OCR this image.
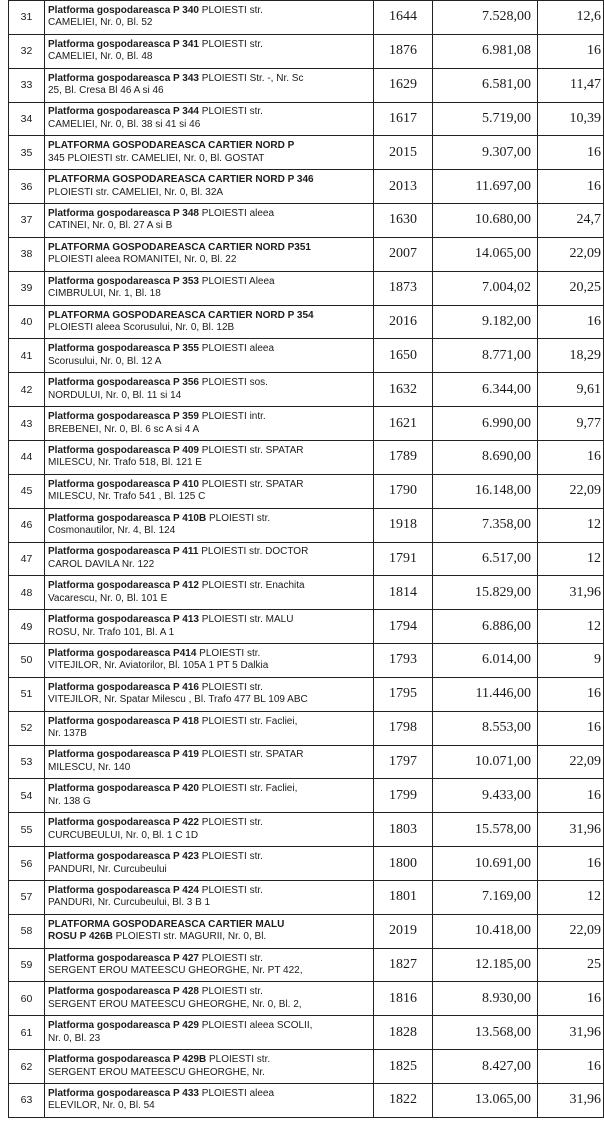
31	Platforma gospodareasca P 340 PLOIESTI str.
CAMELIEI, Nr. 0, Bl. 52	1644	7.528,00	12,6
32	Platforma gospodareasca P 341 PLOIESTI str.
CAMELIEI, Nr. 0, Bl. 48	1876	6.981,08	16
33	Platforma gospodareasca P 343 PLOIESTI Str. -, Nr. Sc
25, Bl. Cresa Bl 46 A si 46	1629	6.581,00	11,47
34	Platforma gospodareasca P 344 PLOIESTI str.
CAMELIEI, Nr. 0, Bl. 38 si 41 si 46	1617	5.719,00	10,39
35	PLATFORMA GOSPODAREASCA CARTIER NORD P
345 PLOIESTI str. CAMELIEI, Nr. 0, Bl. GOSTAT	2015	9.307,00	16
36	PLATFORMA GOSPODAREASCA CARTIER NORD P 346
PLOIESTI str. CAMELIEI, Nr. 0, Bl. 32A	2013	11.697,00	16
37	Platforma gospodareasca P 348 PLOIESTI aleea
CATINEI, Nr. 0, Bl. 27 A si B	1630	10.680,00	24,7
38	PLATFORMA GOSPODAREASCA CARTIER NORD P351
PLOIESTI aleea ROMANITEI, Nr. 0, Bl. 22	2007	14.065,00	22,09
39	Platforma gospodareasca P 353 PLOIESTI Aleea
CIMBRULUI, Nr. 1, Bl. 18	1873	7.004,02	20,25
40	PLATFORMA GOSPODAREASCA CARTIER NORD P 354
PLOIESTI aleea Scorusului, Nr. 0, Bl. 12B	2016	9.182,00	16
41	Platforma gospodareasca P 355 PLOIESTI aleea
Scorusului, Nr. 0, Bl. 12 A	1650	8.771,00	18,29
42	Platforma gospodareasca P 356 PLOIESTI sos.
NORDULUI, Nr. 0, Bl. 11 si 14	1632	6.344,00	9,61
43	Platforma gospodareasca P 359 PLOIESTI intr.
BREBENEI, Nr. 0, Bl. 6 sc A si 4 A	1621	6.990,00	9,77
44	Platforma gospodareasca P 409 PLOIESTI str. SPATAR
MILESCU, Nr. Trafo 518, Bl. 121 E	1789	8.690,00	16
45	Platforma gospodareasca P 410 PLOIESTI str. SPATAR
MILESCU, Nr. Trafo 541 , Bl. 125 C	1790	16.148,00	22,09
46	Platforma gospodareasca P 410B PLOIESTI str.
Cosmonautilor, Nr. 4, Bl. 124	1918	7.358,00	12
47	Platforma gospodareasca P 411 PLOIESTI str. DOCTOR
CAROL DAVILA Nr. 122	1791	6.517,00	12
48	Platforma gospodareasca P 412 PLOIESTI str. Enachita
Vacarescu, Nr. 0, Bl. 101 E	1814	15.829,00	31,96
49	Platforma gospodareasca P 413 PLOIESTI str. MALU
ROSU, Nr. Trafo 101, Bl. A 1	1794	6.886,00	12
50	Platforma gospodareasca P414 PLOIESTI str.
VITEJILOR, Nr. Aviatorilor, Bl. 105A 1 PT 5 Dalkia	1793	6.014,00	9
51	Platforma gospodareasca P 416 PLOIESTI str.
VITEJILOR, Nr. Spatar Milescu , Bl. Trafo 477 BL 109 ABC	1795	11.446,00	16
52	Platforma gospodareasca P 418 PLOIESTI str. Facliei,
Nr. 137B	1798	8.553,00	16
53	Platforma gospodareasca P 419 PLOIESTI str. SPATAR
MILESCU, Nr. 140	1797	10.071,00	22,09
54	Platforma gospodareasca P 420 PLOIESTI str. Facliei,
Nr. 138 G	1799	9.433,00	16
55	Platforma gospodareasca P 422 PLOIESTI str.
CURCUBEULUI, Nr. 0, Bl. 1 C 1D	1803	15.578,00	31,96
56	Platforma gospodareasca P 423 PLOIESTI str.
PANDURI, Nr. Curcubeului	1800	10.691,00	16
57	Platforma gospodareasca P 424 PLOIESTI str.
PANDURI, Nr. Curcubeului, Bl. 3 B 1	1801	7.169,00	12
58	PLATFORMA GOSPODAREASCA CARTIER MALU
ROSU P 426B PLOIESTI str. MAGURII, Nr. 0, Bl.	2019	10.418,00	22,09
59	Platforma gospodareasca P 427 PLOIESTI str.
SERGENT EROU MATEESCU GHEORGHE, Nr. PT 422,	1827	12.185,00	25
60	Platforma gospodareasca P 428 PLOIESTI str.
SERGENT EROU MATEESCU GHEORGHE, Nr. 0, Bl. 2,	1816	8.930,00	16
61	Platforma gospodareasca P 429 PLOIESTI aleea SCOLII,
Nr. 0, Bl. 23	1828	13.568,00	31,96
62	Platforma gospodareasca P 429B PLOIESTI str.
SERGENT EROU MATEESCU GHEORGHE, Nr.	1825	8.427,00	16
63	Platforma gospodareasca P 433 PLOIESTI aleea
ELEVILOR, Nr. 0, Bl. 54	1822	13.065,00	31,96
